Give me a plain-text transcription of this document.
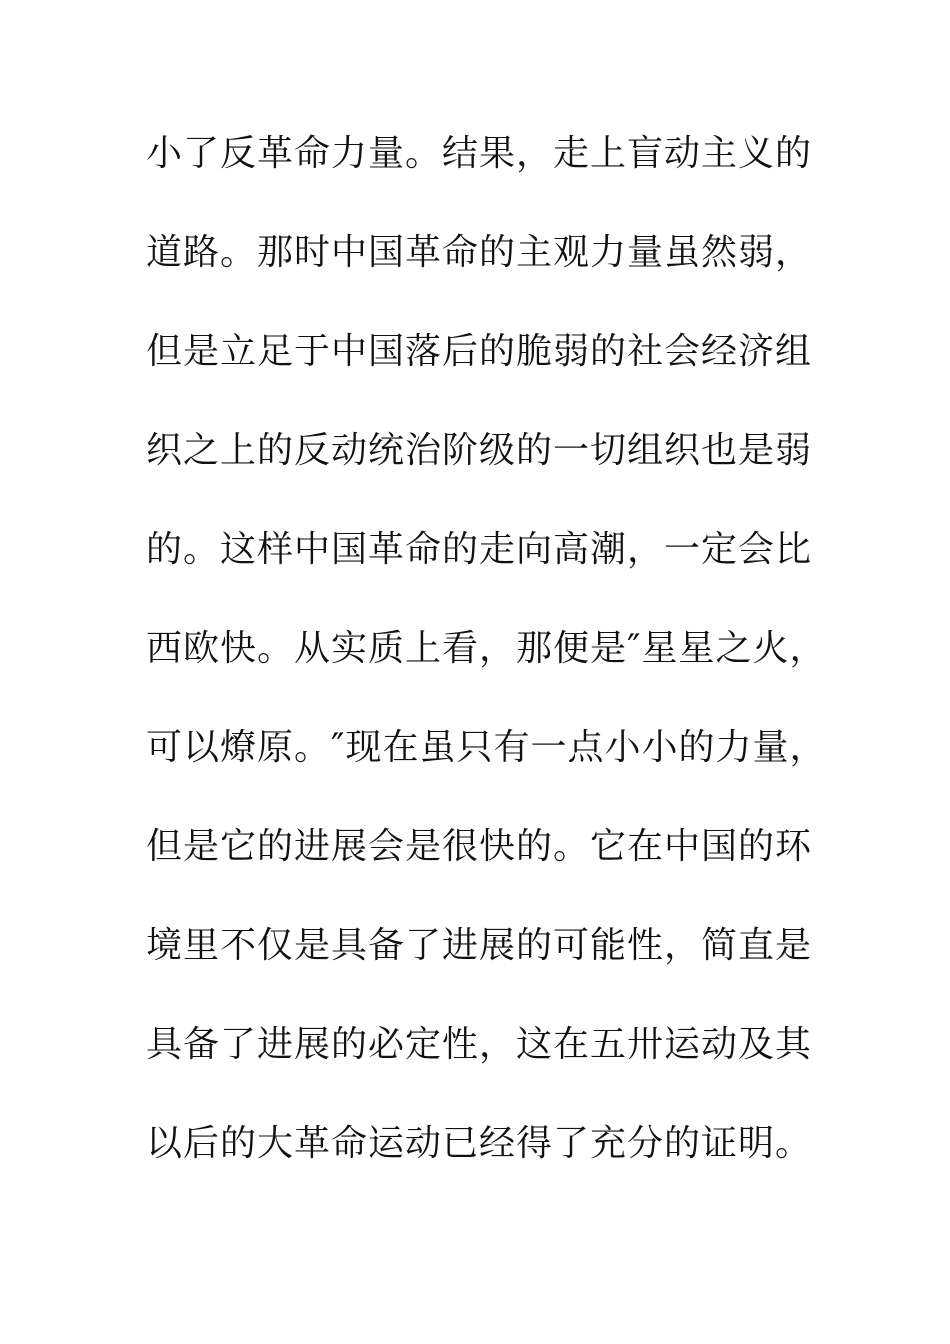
小了反革命力量。结果，走上盲动主义的
道路。那时中国革命的主观力量虽然弱，
但是立足于中国落后的脆弱的社会经济组
织之上的反动统治阶级的一切组织也是弱
的。这样中国革命的走向高潮，一定会比
西欧快。从实质上看，那便是″星星之火，
可以燎原。″现在虽只有一点小小的力量，
但是它的进展会是很快的。它在中国的环
境里不仅是具备了进展的可能性，简直是
具备了进展的必定性，这在五卅运动及其
以后的大革命运动已经得了充分的证明。
